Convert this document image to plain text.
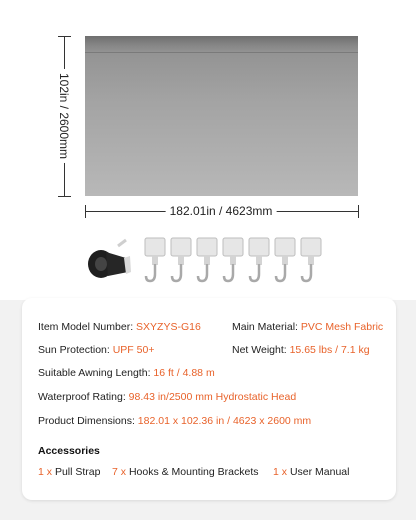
102in / 2600mm
182.01in / 4623mm
Item Model Number: SXYZYS-G16	Main Material: PVC Mesh Fabric
Sun Protection: UPF 50+	Net Weight: 15.65 lbs / 7.1 kg
Suitable Awning Length: 16 ft / 4.88 m
Waterproof Rating: 98.43 in/2500 mm Hydrostatic Head
Product Dimensions: 182.01 x 102.36 in / 4623 x 2600 mm
Accessories
1 x Pull Strap 7 x Hooks & Mounting Brackets 1 x User Manual
